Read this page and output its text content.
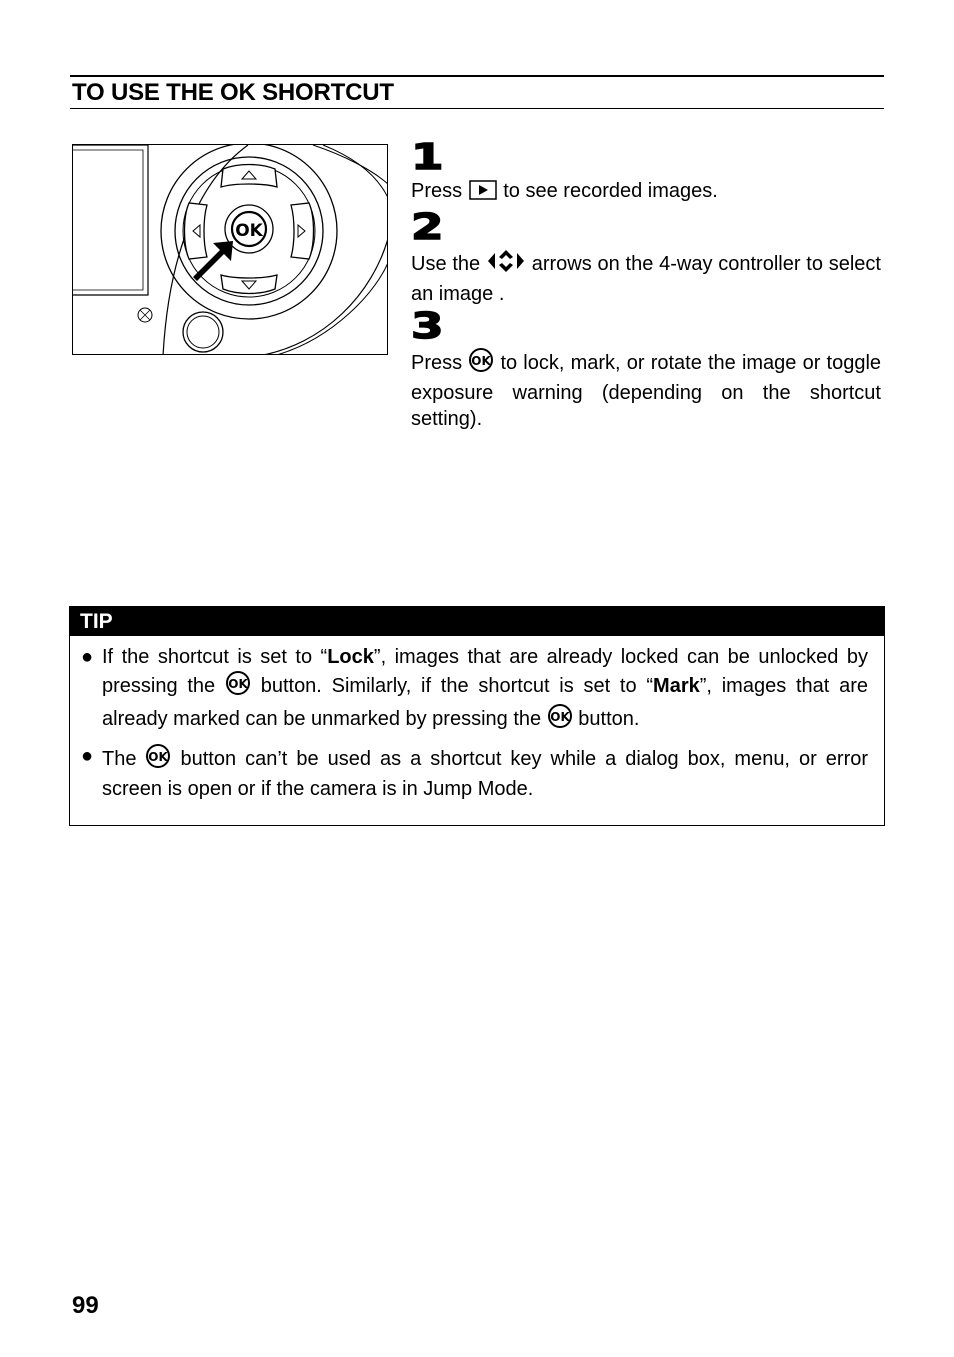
TO USE THE OK SHORTCUT
OK
1
Press to see recorded images.
2
Use the	arrows on the 4-way controller to select an image .
3
Press OK to lock, mark, or rotate the image or toggle exposure warning (depending on the shortcut setting).
TIP
● If the shortcut is set to “Lock”, images that are already locked can be unlocked by pressing the OK button. Similarly, if the shortcut is set to “Mark”, images that are already marked can be unmarked by pressing the OK button.
● The OK button can’t be used as a shortcut key while a dialog box, menu, or error screen is open or if the camera is in Jump Mode.
99
